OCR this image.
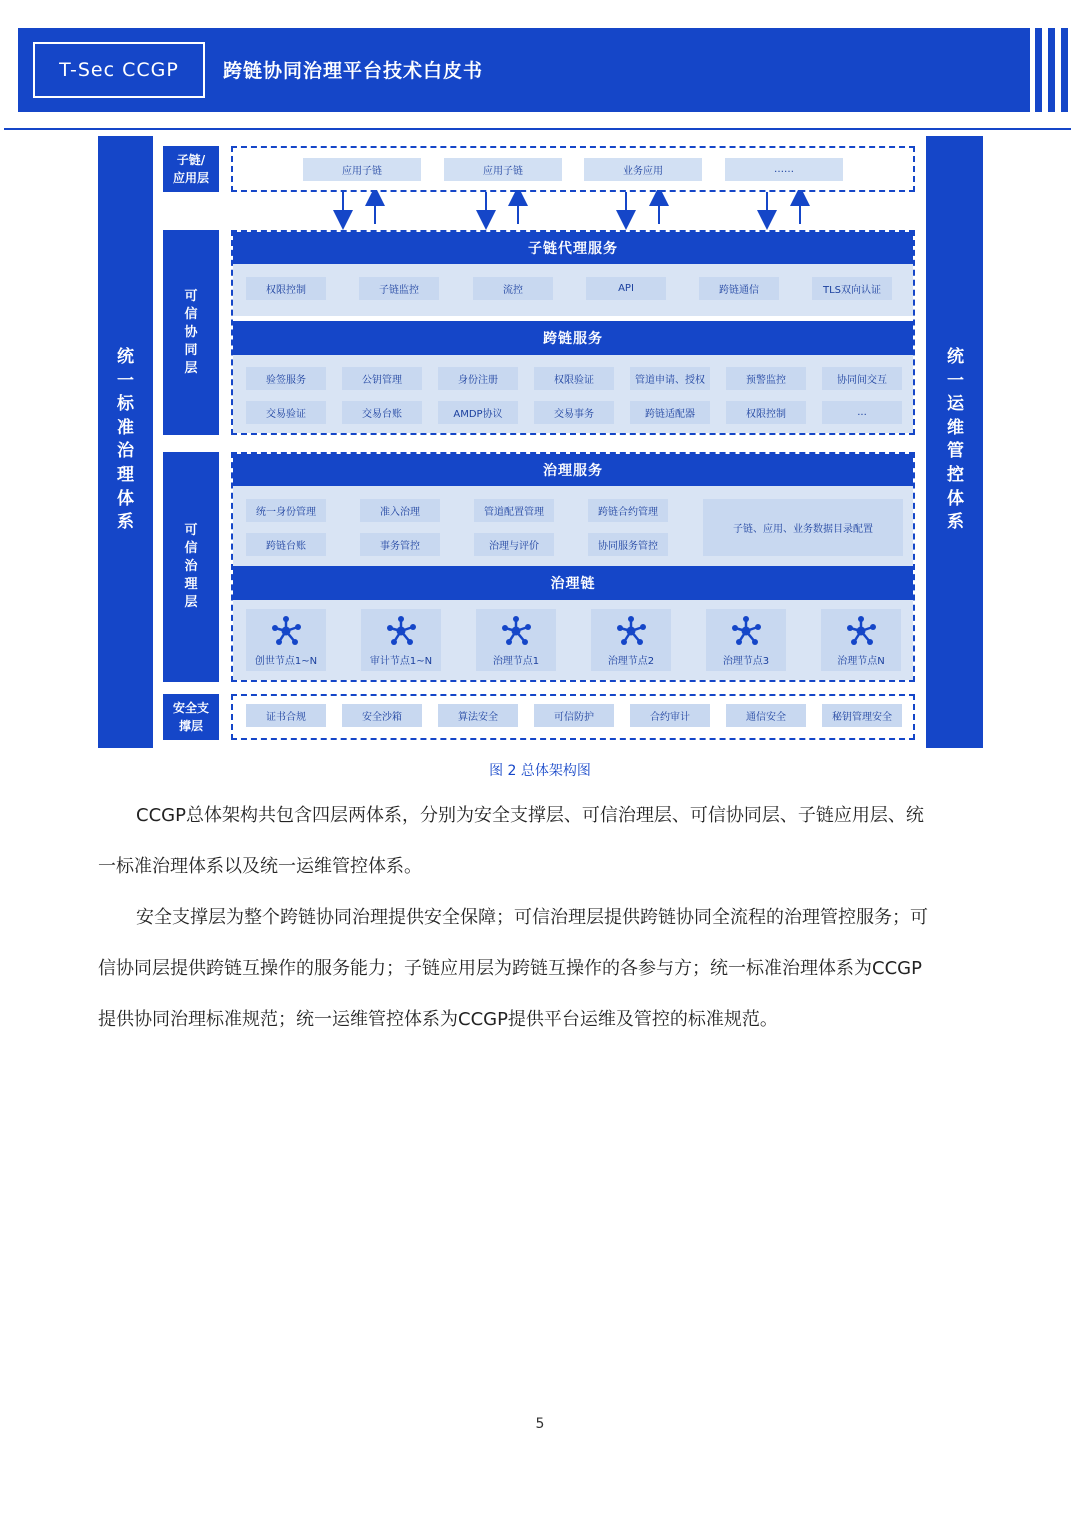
T-Sec CCGP	跨链协同治理平台技术白皮书
统
一
标
准
治
理
体
系
统
一
运
维
管
控
体
系
子链/
应用层	应用子链	应用子链	业务应用	……
可
信
协
同
层
子链代理服务
权限控制	子链监控	流控	API	跨链通信	TLS双向认证
跨链服务
验签服务	公钥管理	身份注册	权限验证	管道申请、授权	预警监控	协同间交互
交易验证	交易台账	AMDP协议	交易事务	跨链适配器	权限控制	...
可
信
治
理
层
治理服务
统一身份管理	准入治理	管道配置管理	跨链合约管理
跨链台账	事务管控	治理与评价	协同服务管控
子链、应用、业务数据目录配置
治理链
创世节点1~N	审计节点1~N	治理节点1	治理节点2	治理节点3	治理节点N
安全支
撑层
证书合规	安全沙箱	算法安全	可信防护	合约审计	通信安全	秘钥管理安全
图 2 总体架构图
CCGP总体架构共包含四层两体系，分别为安全支撑层、可信治理层、可信协同层、子链应用层、统
一标准治理体系以及统一运维管控体系。
安全支撑层为整个跨链协同治理提供安全保障；可信治理层提供跨链协同全流程的治理管控服务；可
信协同层提供跨链互操作的服务能力；子链应用层为跨链互操作的各参与方；统一标准治理体系为CCGP
提供协同治理标准规范；统一运维管控体系为CCGP提供平台运维及管控的标准规范。
5
